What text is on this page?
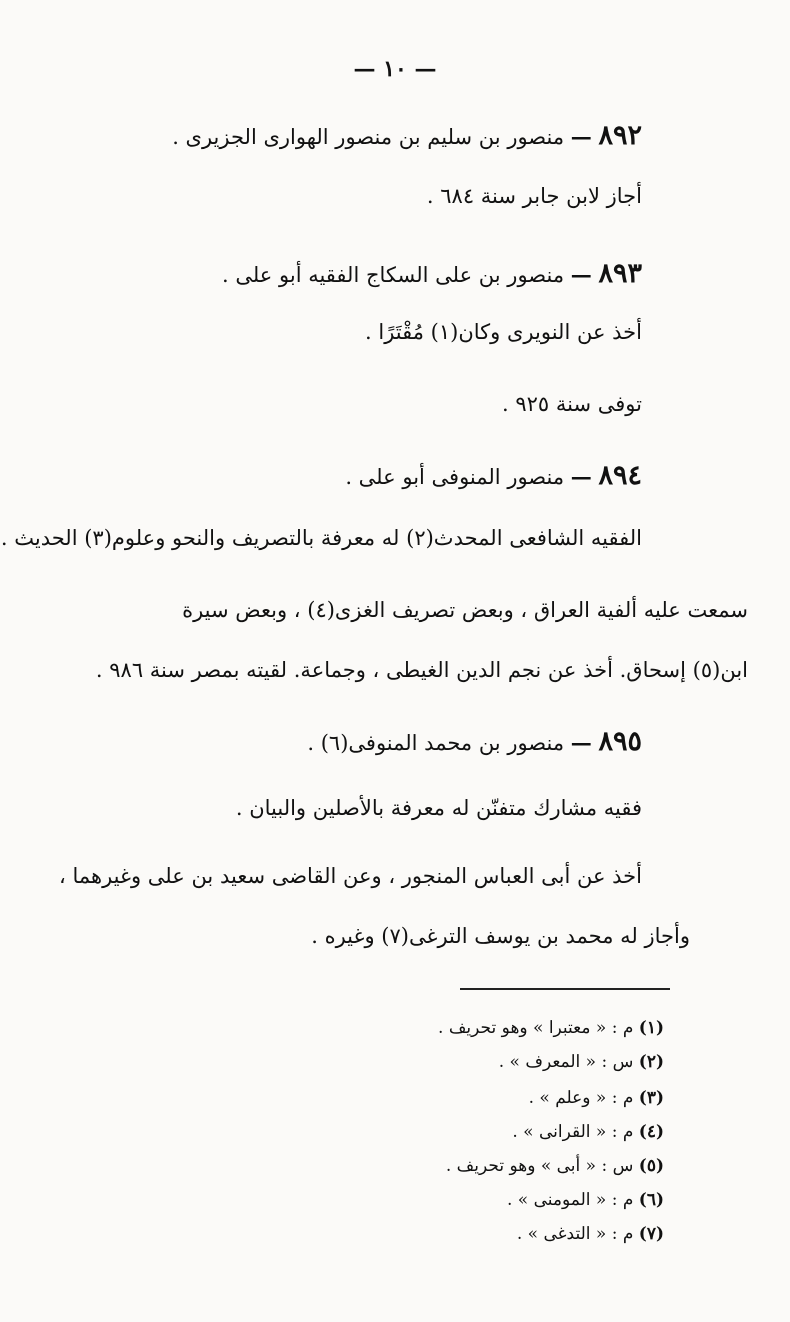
— ١٠ —
٨٩٢ — منصور بن سليم بن منصور الهوارى الجزيرى .
أجاز لابن جابر سنة ٦٨٤ .
٨٩٣ — منصور بن على السكاج الفقيه أبو على .
أخذ عن النويرى وكان(١) مُقْتَرًا .
توفى سنة ٩٢٥ .
٨٩٤ — منصور المنوفى أبو على .
الفقيه الشافعى المحدث(٢) له معرفة بالتصريف والنحو وعلوم(٣) الحديث .
سمعت عليه ألفية العراق ، وبعض تصريف الغزى(٤) ، وبعض سيرة
ابن(٥) إسحاق. أخذ عن نجم الدين الغيطى ، وجماعة. لقيته بمصر سنة ٩٨٦ .
٨٩٥ — منصور بن محمد المنوفى(٦) .
فقيه مشارك متفنّن له معرفة بالأصلين والبيان .
أخذ عن أبى العباس المنجور ، وعن القاضى سعيد بن على وغيرهما ،
وأجاز له محمد بن يوسف الترغى(٧) وغيره .
(١) م : « معتبرا » وهو تحريف .
(٢) س : « المعرف » .
(٣) م : « وعلم » .
(٤) م : « القرانى » .
(٥) س : « أبى » وهو تحريف .
(٦) م : « المومنى » .
(٧) م : « التدغى » .
